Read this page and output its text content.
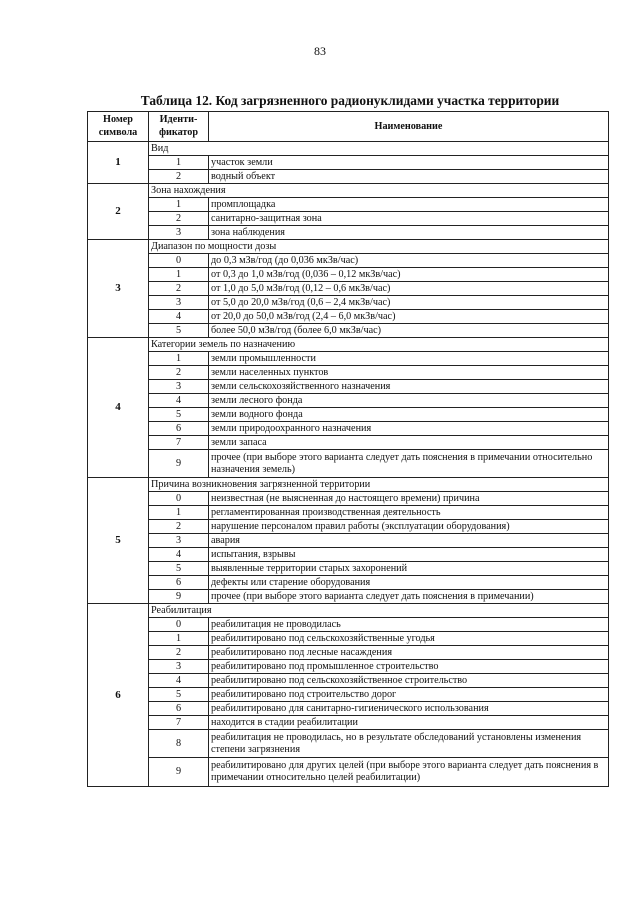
83
Таблица 12. Код загрязненного радионуклидами участка территории
Номер символа	Иденти-фикатор	Наименование
1	Вид	
	1	участок земли
	2	водный объект
2	Зона нахождения	
	1	промплощадка
	2	санитарно-защитная зона
	3	зона наблюдения
3	Диапазон по мощности дозы	
	0	до 0,3 мЗв/год (до 0,036 мкЗв/час)
	1	от 0,3 до 1,0 мЗв/год (0,036 – 0,12 мкЗв/час)
	2	от 1,0 до 5,0 мЗв/год (0,12 – 0,6 мкЗв/час)
	3	от 5,0 до 20,0 мЗв/год (0,6 – 2,4 мкЗв/час)
	4	от 20,0 до 50,0 мЗв/год (2,4 – 6,0 мкЗв/час)
	5	более 50,0 мЗв/год (более 6,0 мкЗв/час)
4	Категории земель по назначению	
	1	земли промышленности
	2	земли населенных пунктов
	3	земли сельскохозяйственного назначения
	4	земли лесного фонда
	5	земли водного фонда
	6	земли природоохранного назначения
	7	земли запаса
	9	прочее (при выборе этого варианта следует дать пояснения в примечании относительно назначения земель)
5	Причина возникновения загрязненной территории	
	0	неизвестная (не выясненная до настоящего времени) причина
	1	регламентированная производственная деятельность
	2	нарушение персоналом правил работы (эксплуатации оборудования)
	3	авария
	4	испытания, взрывы
	5	выявленные территории старых захоронений
	6	дефекты или старение оборудования
	9	прочее (при выборе этого варианта следует дать пояснения в примечании)
6	Реабилитация	
	0	реабилитация не проводилась
	1	реабилитировано под сельскохозяйственные угодья
	2	реабилитировано под лесные насаждения
	3	реабилитировано под промышленное строительство
	4	реабилитировано под сельскохозяйственное строительство
	5	реабилитировано под строительство дорог
	6	реабилитировано для санитарно-гигиенического использования
	7	находится в стадии реабилитации
	8	реабилитация не проводилась, но в результате обследований установлены изменения степени загрязнения
	9	реабилитировано для других целей (при выборе этого варианта следует дать пояснения в примечании относительно целей реабилитации)
